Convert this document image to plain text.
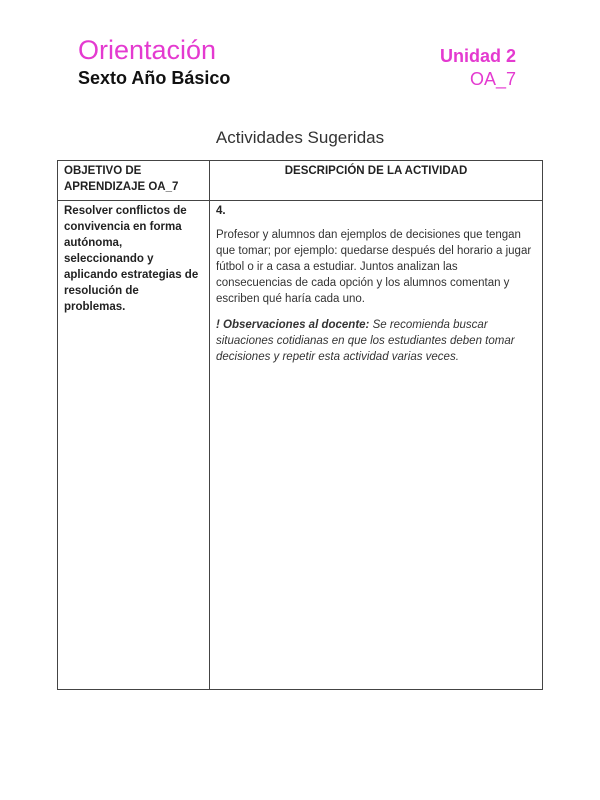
Orientación
Sexto Año Básico
Unidad 2
OA_7
Actividades Sugeridas
OBJETIVO DE APRENDIZAJE OA_7	DESCRIPCIÓN DE LA ACTIVIDAD

Resolver conflictos de convivencia en forma autónoma, seleccionando y aplicando estrategias de resolución de problemas.	4.

Profesor y alumnos dan ejemplos de decisiones que tengan que tomar; por ejemplo: quedarse después del horario a jugar fútbol o ir a casa a estudiar. Juntos analizan las consecuencias de cada opción y los alumnos comentan y escriben qué haría cada uno.

! Observaciones al docente: Se recomienda buscar situaciones cotidianas en que los estudiantes deben tomar decisiones y repetir esta actividad varias veces.
